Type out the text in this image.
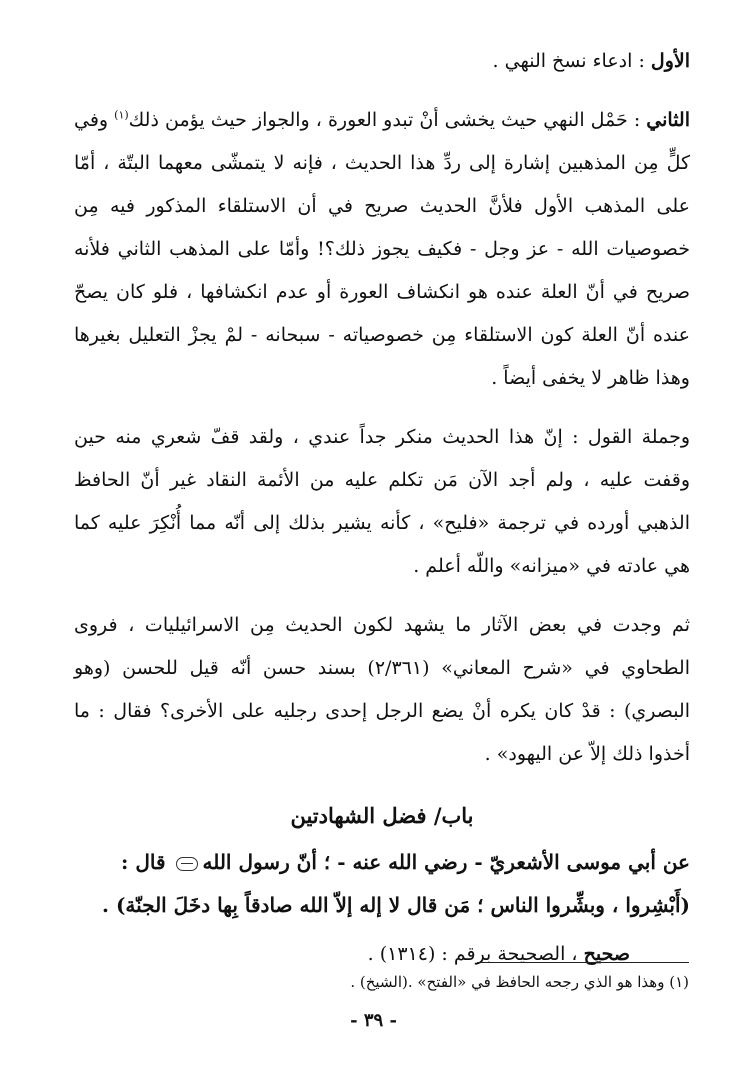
الأول : ادعاء نسخ النهي .

الثاني : حَمْل النهي حيث يخشى أنْ تبدو العورة ، والجواز حيث يؤمن ذلك$^{(١)}$ وفي كلٍّ مِن المذهبين إشارة إلى ردِّ هذا الحديث ، فإنه لا يتمشّى معهما البتّة ، أمّا على المذهب الأول فلأنَّ الحديث صريح في أن الاستلقاء المذكور فيه مِن خصوصيات الله - عز وجل - فكيف يجوز ذلك؟! وأمّا على المذهب الثاني فلأنه صريح في أنّ العلة عنده هو انكشاف العورة أو عدم انكشافها ، فلو كان يصحّ عنده أنّ العلة كون الاستلقاء مِن خصوصياته - سبحانه - لمْ يجزْ التعليل بغيرها وهذا ظاهر لا يخفى أيضاً .

وجملة القول : إنّ هذا الحديث منكر جداً عندي ، ولقد قفّ شعري منه حين وقفت عليه ، ولم أجد الآن مَن تكلم عليه من الأئمة النقاد غير أنّ الحافظ الذهبي أورده في ترجمة «فليح» ، كأنه يشير بذلك إلى أنّه مما أُنْكِرَ عليه كما هي عادته في «ميزانه» واللّه أعلم .

ثم وجدت في بعض الآثار ما يشهد لكون الحديث مِن الاسرائيليات ، فروى الطحاوي في «شرح المعاني» (٢/٣٦١) بسند حسن أنّه قيل للحسن (وهو البصري) : قدْ كان يكره أنْ يضع الرجل إحدى رجليه على الأخرى؟ فقال : ما أخذوا ذلك إلاّ عن اليهود» .

باب/ فضل الشهادتين

عن أبي موسى الأشعريّ - رضي الله عنه - ؛ أنّ رسول الله قال :

(أَبْشِروا ، وبشِّروا الناس ؛ مَن قال لا إله إلاّ الله صادقاً بِها دخَلَ الجنّة) .

صحيح ، الصحيحة برقم : (١٣١٤) .

(١) وهذا هو الذي رجحه الحافظ في «الفتح» .(الشيخ) .
- ٣٩ -
